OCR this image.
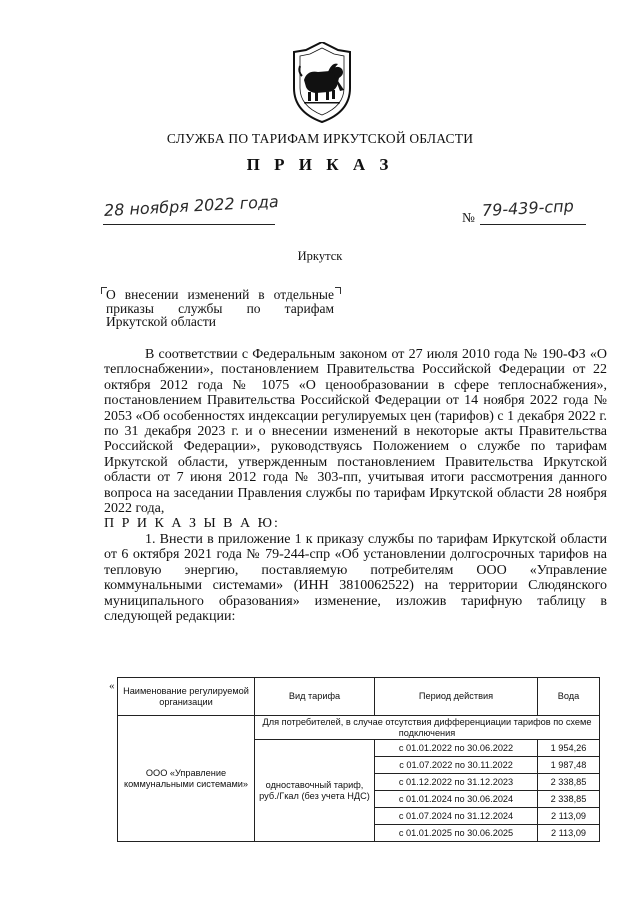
СЛУЖБА ПО ТАРИФАМ ИРКУТСКОЙ ОБЛАСТИ
П Р И К А З
28 ноября 2022 года	№ 79-439-спр
Иркутск
О внесении изменений в отдельные приказы службы по тарифам Иркутской области

В соответствии с Федеральным законом от 27 июля 2010 года № 190-ФЗ «О теплоснабжении», постановлением Правительства Российской Федерации от 22 октября 2012 года № 1075 «О ценообразовании в сфере теплоснабжения», постановлением Правительства Российской Федерации от 14 ноября 2022 года № 2053 «Об особенностях индексации регулируемых цен (тарифов) с 1 декабря 2022 г. по 31 декабря 2023 г. и о внесении изменений в некоторые акты Правительства Российской Федерации», руководствуясь Положением о службе по тарифам Иркутской области, утвержденным постановлением Правительства Иркутской области от 7 июня 2012 года № 303-пп, учитывая итоги рассмотрения данного вопроса на заседании Правления службы по тарифам Иркутской области 28 ноября 2022 года,

П Р И К А З Ы В А Ю:

1. Внести в приложение 1 к приказу службы по тарифам Иркутской области от 6 октября 2021 года № 79-244-спр «Об установлении долгосрочных тарифов на тепловую энергию, поставляемую потребителям ООО «Управление коммунальными системами» (ИНН 3810062522) на территории Слюдянского муниципального образования» изменение, изложив тарифную таблицу в следующей редакции:

« Наименование регулируемой организации	Вид тарифа	Период действия	Вода
ООО «Управление коммунальными системами»	Для потребителей, в случае отсутствия дифференциации тарифов по схеме подключения		
	одноставочный тариф, руб./Гкал (без учета НДС)	с 01.01.2022 по 30.06.2022	1 954,26
		с 01.07.2022 по 30.11.2022	1 987,48
		с 01.12.2022 по 31.12.2023	2 338,85
		с 01.01.2024 по 30.06.2024	2 338,85
		с 01.07.2024 по 31.12.2024	2 113,09
		с 01.01.2025 по 30.06.2025	2 113,09
